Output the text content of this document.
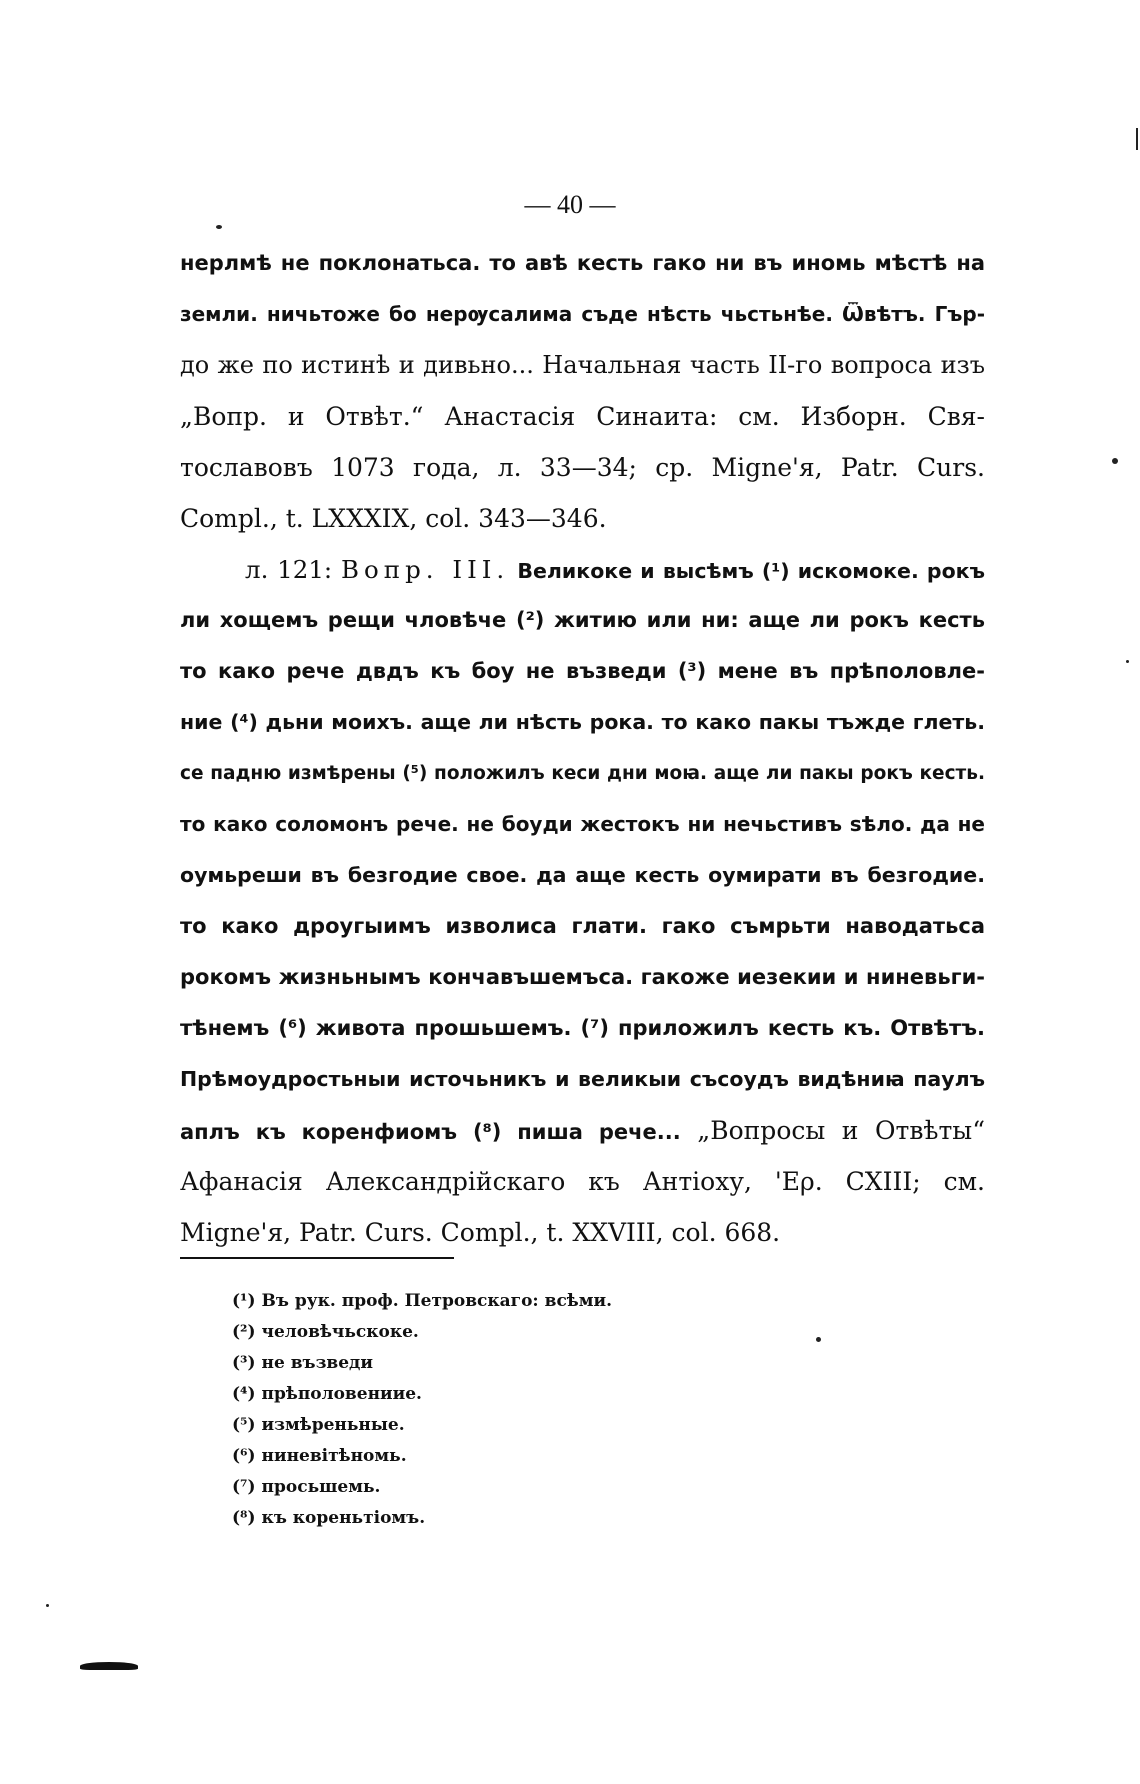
— 40 —
нерлмѣ не поклонатьса. то авѣ кесть гако ни въ иномь мѣстѣ на
земли. ничьтоже бо нерѹсалима съде нѣсть чьстьнѣе. Ѿвѣтъ. Гър-
до же по истинѣ и дивьно... Начальная часть II-го вопроса изъ
„Вопр. и Отвѣт.“ Анастасія Синаита: см. Изборн. Свя-
тославовъ 1073 года, л. 33—34; ср. Migne'я, Patr. Curs.
Compl., t. LXXXIX, col. 343—346.
л. 121: Вопр. III. Великоке и высѣмъ (¹) искомоке. рокъ
ли хощемъ рещи чловѣче (²) житию или ни: аще ли рокъ кесть
то како рече двдъ къ боу не възведи (³) мене въ прѣполовле-
ние (⁴) дьни моихъ. аще ли нѣсть рока. то како пакы тъжде глеть.
се падню измѣрены (⁵) положилъ кеси дни моꙗ. аще ли пакы рокъ кесть.
то како соломонъ рече. не боуди жестокъ ни нечьстивъ ѕѣло. да не
оумьреши въ безгодие свое. да аще кесть оумирати въ безгодие.
то како дроугыимъ изволиса глати. гако съмрьти наводатьса
рокомъ жизньнымъ кончавъшемъса. гакоже иезекии и ниневьги-
тѣнемъ (⁶) живота прошьшемъ. (⁷) приложилъ кесть къ. Отвѣтъ.
Прѣмоудростьныи источьникъ и великыи съсоудъ видѣниꙗ паулъ
аплъ къ коренфиомъ (⁸) пиша рече... „Вопросы и Отвѣты“
Афанасія Александрійскаго къ Антіоху, 'Ερ. CXIII; см.
Migne'я, Patr. Curs. Compl., t. XXVIII, col. 668.
(¹) Въ рук. проф. Петровскаго: всѣми.
(²) человѣчьскоке.
(³) не възведи
(⁴) прѣполовениие.
(⁵) измѣреньные.
(⁶) ниневітѣномь.
(⁷) просьшемь.
(⁸) къ кореньтіомъ.
